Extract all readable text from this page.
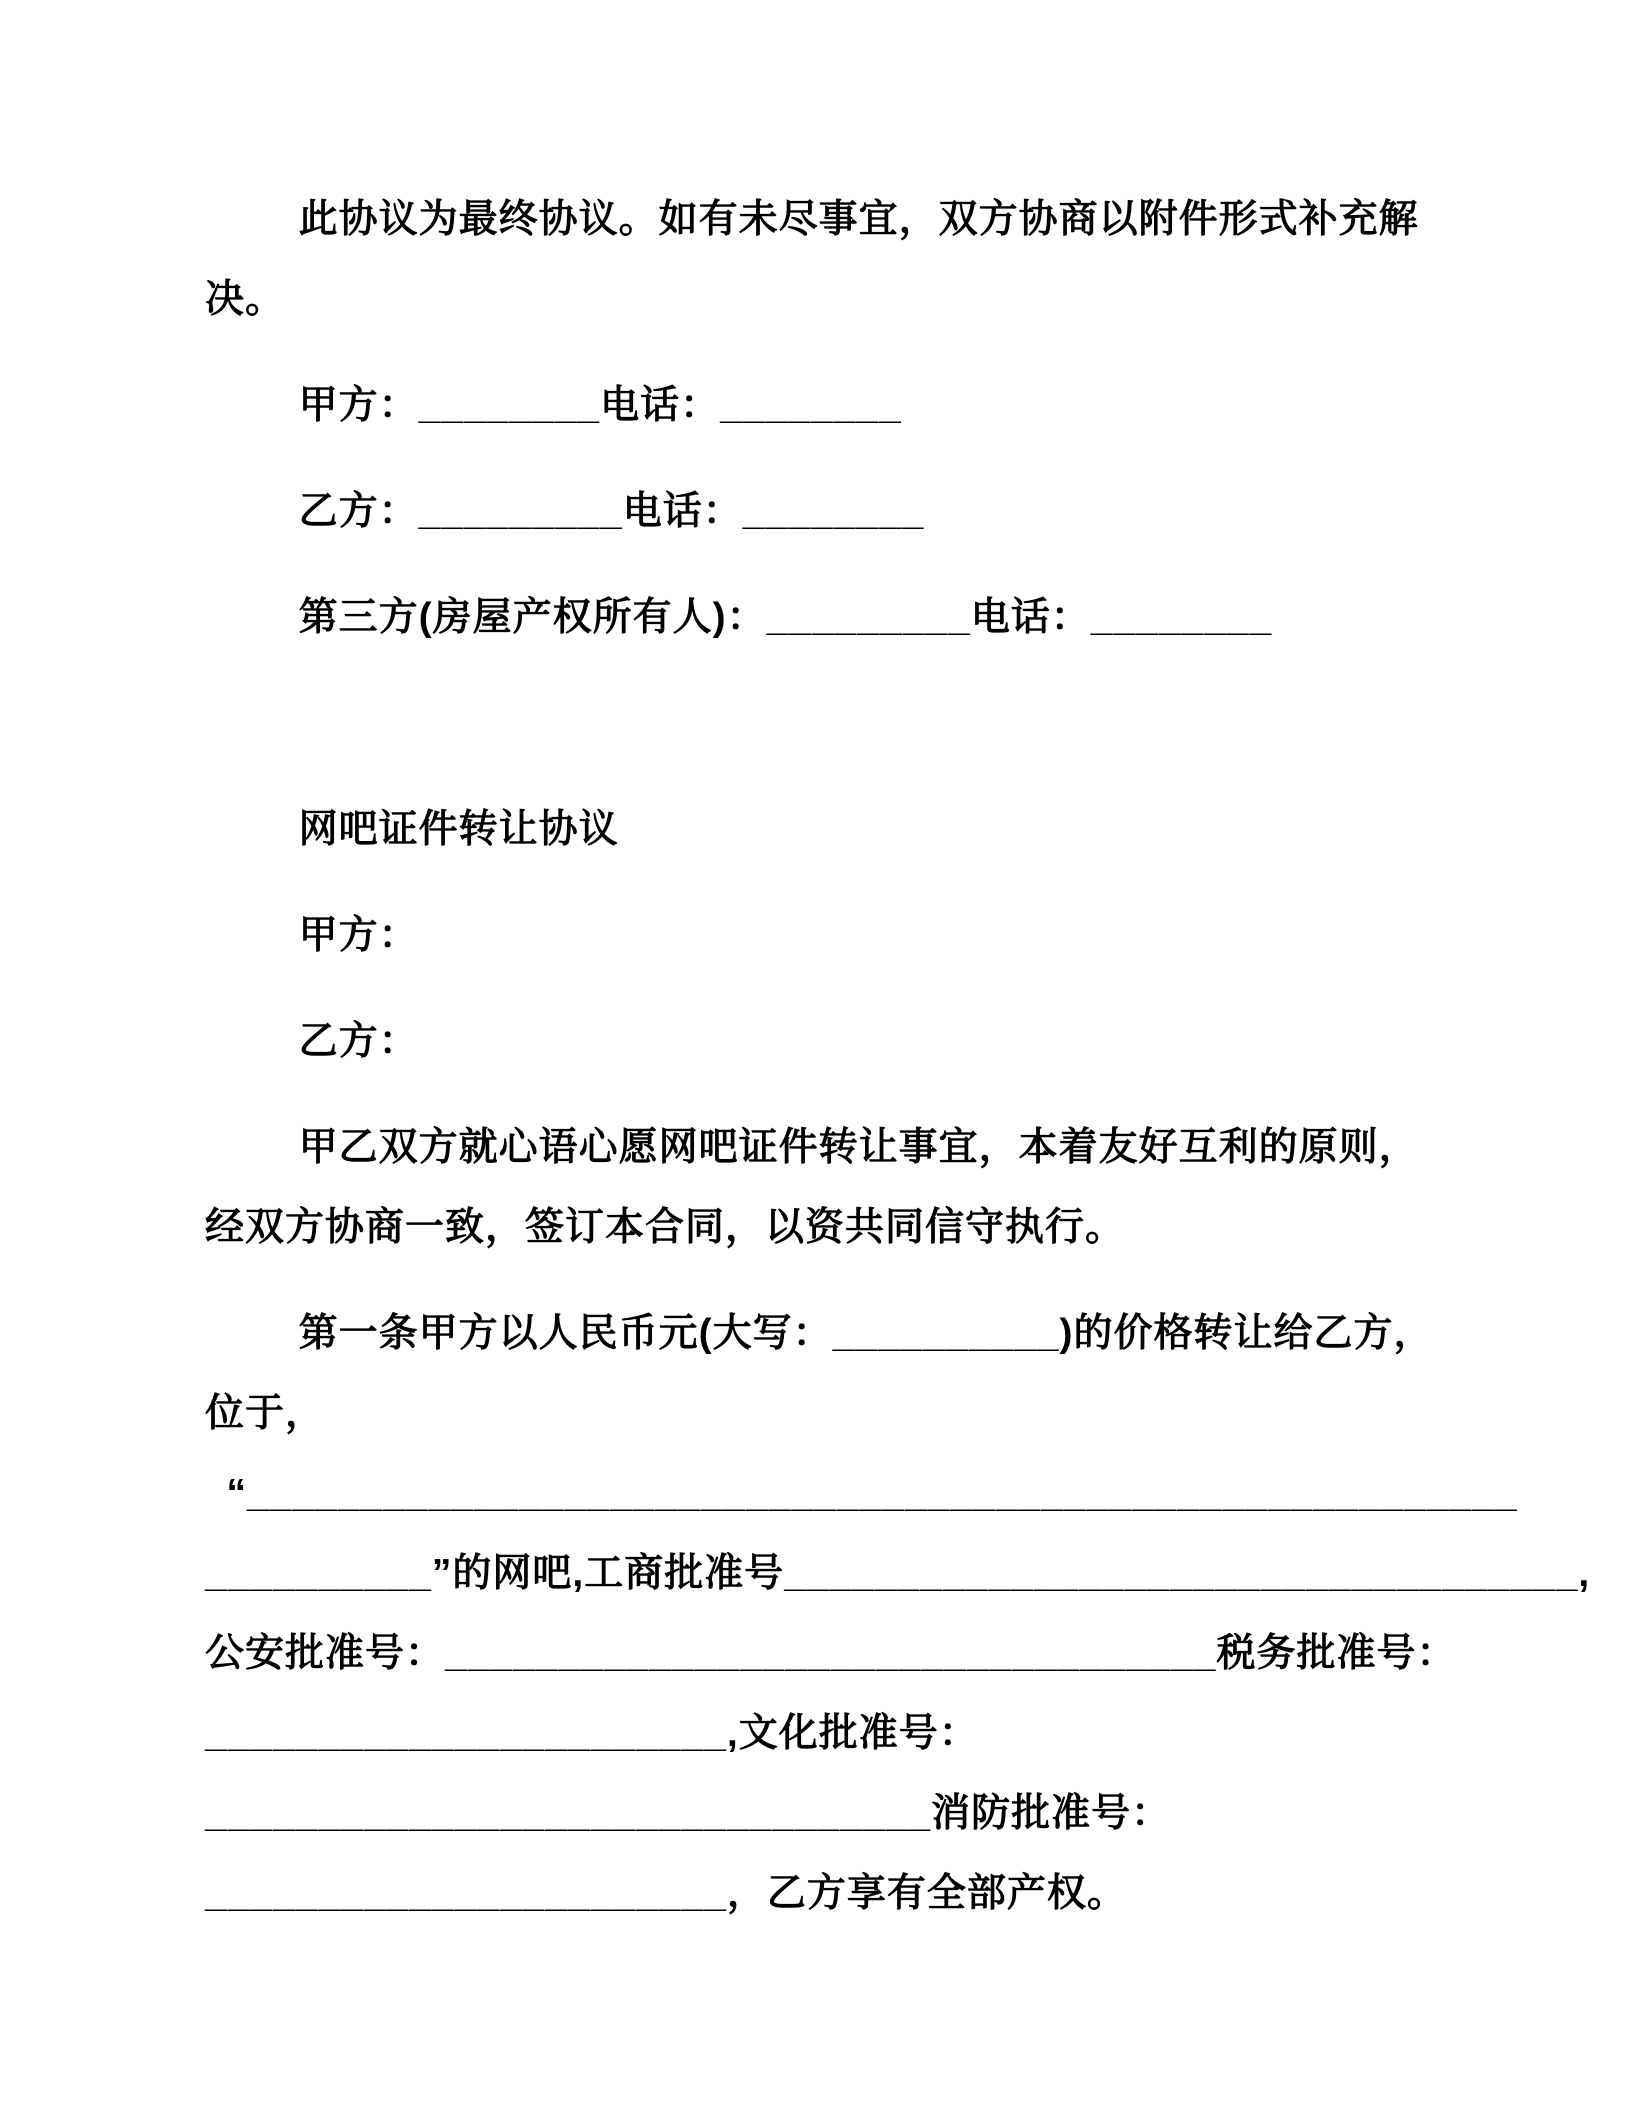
此协议为最终协议。如有未尽事宜，双方协商以附件形式补充解
决。
甲方：________电话：________
乙方：_________电话：________
第三方(房屋产权所有人)：_________电话：________
网吧证件转让协议
甲方：
乙方：
甲乙双方就心语心愿网吧证件转让事宜，本着友好互利的原则，
经双方协商一致，签订本合同，以资共同信守执行。
第一条甲方以人民币元(大写：__________)的价格转让给乙方，
位于，
“________________________________________________________
__________”的网吧,工商批准号___________________________________,
公安批准号：__________________________________税务批准号：
_______________________,文化批准号：
________________________________消防批准号：
_______________________，乙方享有全部产权。
